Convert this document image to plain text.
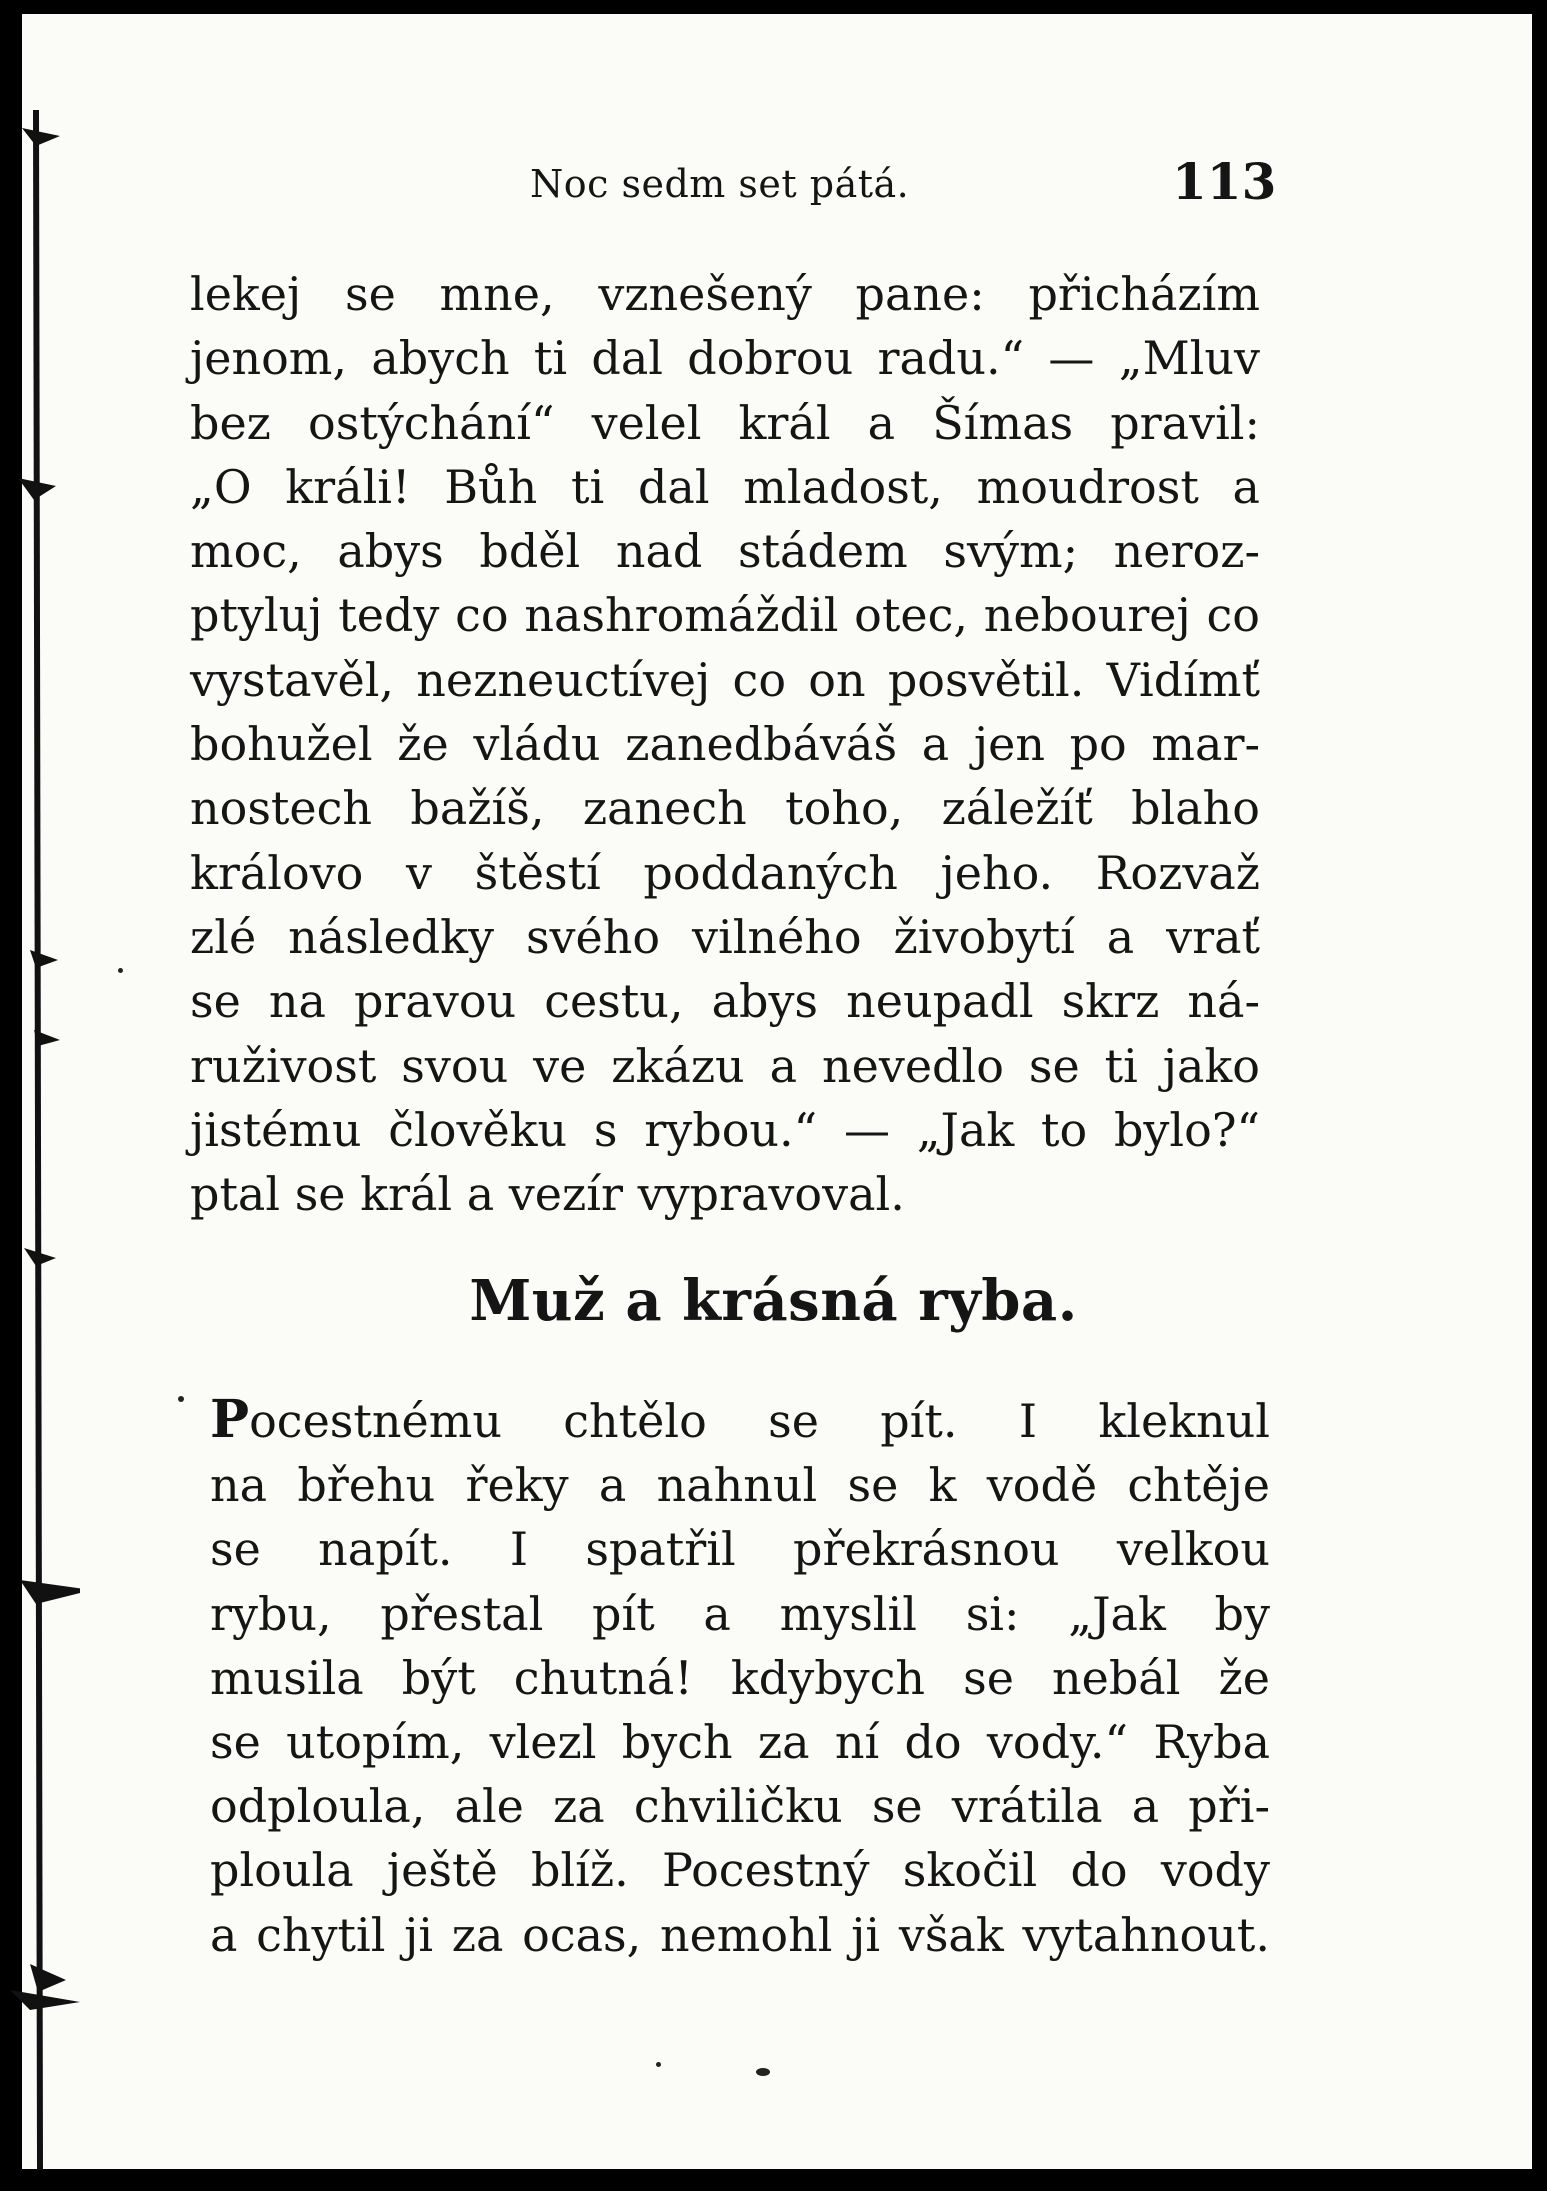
Noc sedm set pátá.	113
lekej se mne, vznešený pane: přicházím
jenom, abych ti dal dobrou radu.“ — „Mluv
bez ostýchání“ velel král a Šímas pravil:
„O králi! Bůh ti dal mladost, moudrost a
moc, abys bděl nad stádem svým; neroz-
ptyluj tedy co nashromáždil otec, nebourej co
vystavěl, nezneuctívej co on posvětil. Vidímť
bohužel že vládu zanedbáváš a jen po mar-
nostech bažíš, zanech toho, záležíť blaho
královo v štěstí poddaných jeho. Rozvaž
zlé následky svého vilného živobytí a vrať
se na pravou cestu, abys neupadl skrz ná-
ruživost svou ve zkázu a nevedlo se ti jako
jistému člověku s rybou.“ — „Jak to bylo?“
ptal se král a vezír vypravoval.
Muž a krásná ryba.
Pocestnému chtělo se pít. I kleknul
na břehu řeky a nahnul se k vodě chtěje
se napít. I spatřil překrásnou velkou
rybu, přestal pít a myslil si: „Jak by
musila být chutná! kdybych se nebál že
se utopím, vlezl bych za ní do vody.“ Ryba
odploula, ale za chviličku se vrátila a při-
ploula ještě blíž. Pocestný skočil do vody
a chytil ji za ocas, nemohl ji však vytahnout.
